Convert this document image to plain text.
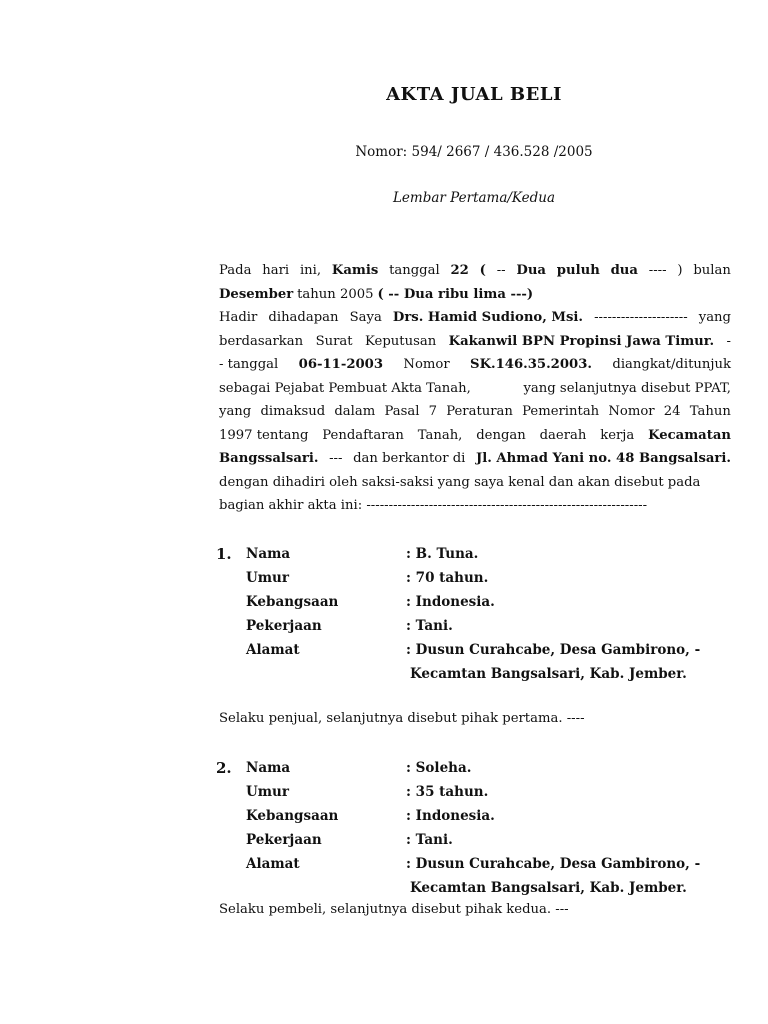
AKTA JUAL BELI
Nomor: 594/ 2667 / 436.528 /2005
Lembar Pertama/Kedua
Pada hari ini, Kamis tanggal 22 ( -- Dua puluh dua ---- ) bulan
Desember tahun 2005 ( -- Dua ribu lima ---)
Hadir dihadapan Saya Drs. Hamid Sudiono, Msi. --------------------- yang
berdasarkan Surat Keputusan Kakanwil BPN Propinsi Jawa Timur. -
- tanggal 06-11-2003 Nomor SK.146.35.2003. diangkat/ditunjuk
sebagai Pejabat Pembuat Akta Tanah,	yang selanjutnya disebut PPAT,
yang dimaksud dalam Pasal 7 Peraturan Pemerintah Nomor 24 Tahun
1997 tentang Pendaftaran Tanah, dengan daerah kerja Kecamatan
Bangssalsari. --- dan berkantor di Jl. Ahmad Yani no. 48 Bangsalsari.
dengan dihadiri oleh saksi-saksi yang saya kenal dan akan disebut pada
bagian akhir akta ini: ---------------------------------------------------------------
1.	Nama	: B. Tuna.
Umur	: 70 tahun.
Kebangsaan	: Indonesia.
Pekerjaan	: Tani.
Alamat	: Dusun Curahcabe, Desa Gambirono, -
Kecamtan Bangsalsari, Kab. Jember.
Selaku penjual, selanjutnya disebut pihak pertama. ----
2.	Nama	: Soleha.
Umur	: 35 tahun.
Kebangsaan	: Indonesia.
Pekerjaan	: Tani.
Alamat	: Dusun Curahcabe, Desa Gambirono, -
Kecamtan Bangsalsari, Kab. Jember.
Selaku pembeli, selanjutnya disebut pihak kedua. ---
